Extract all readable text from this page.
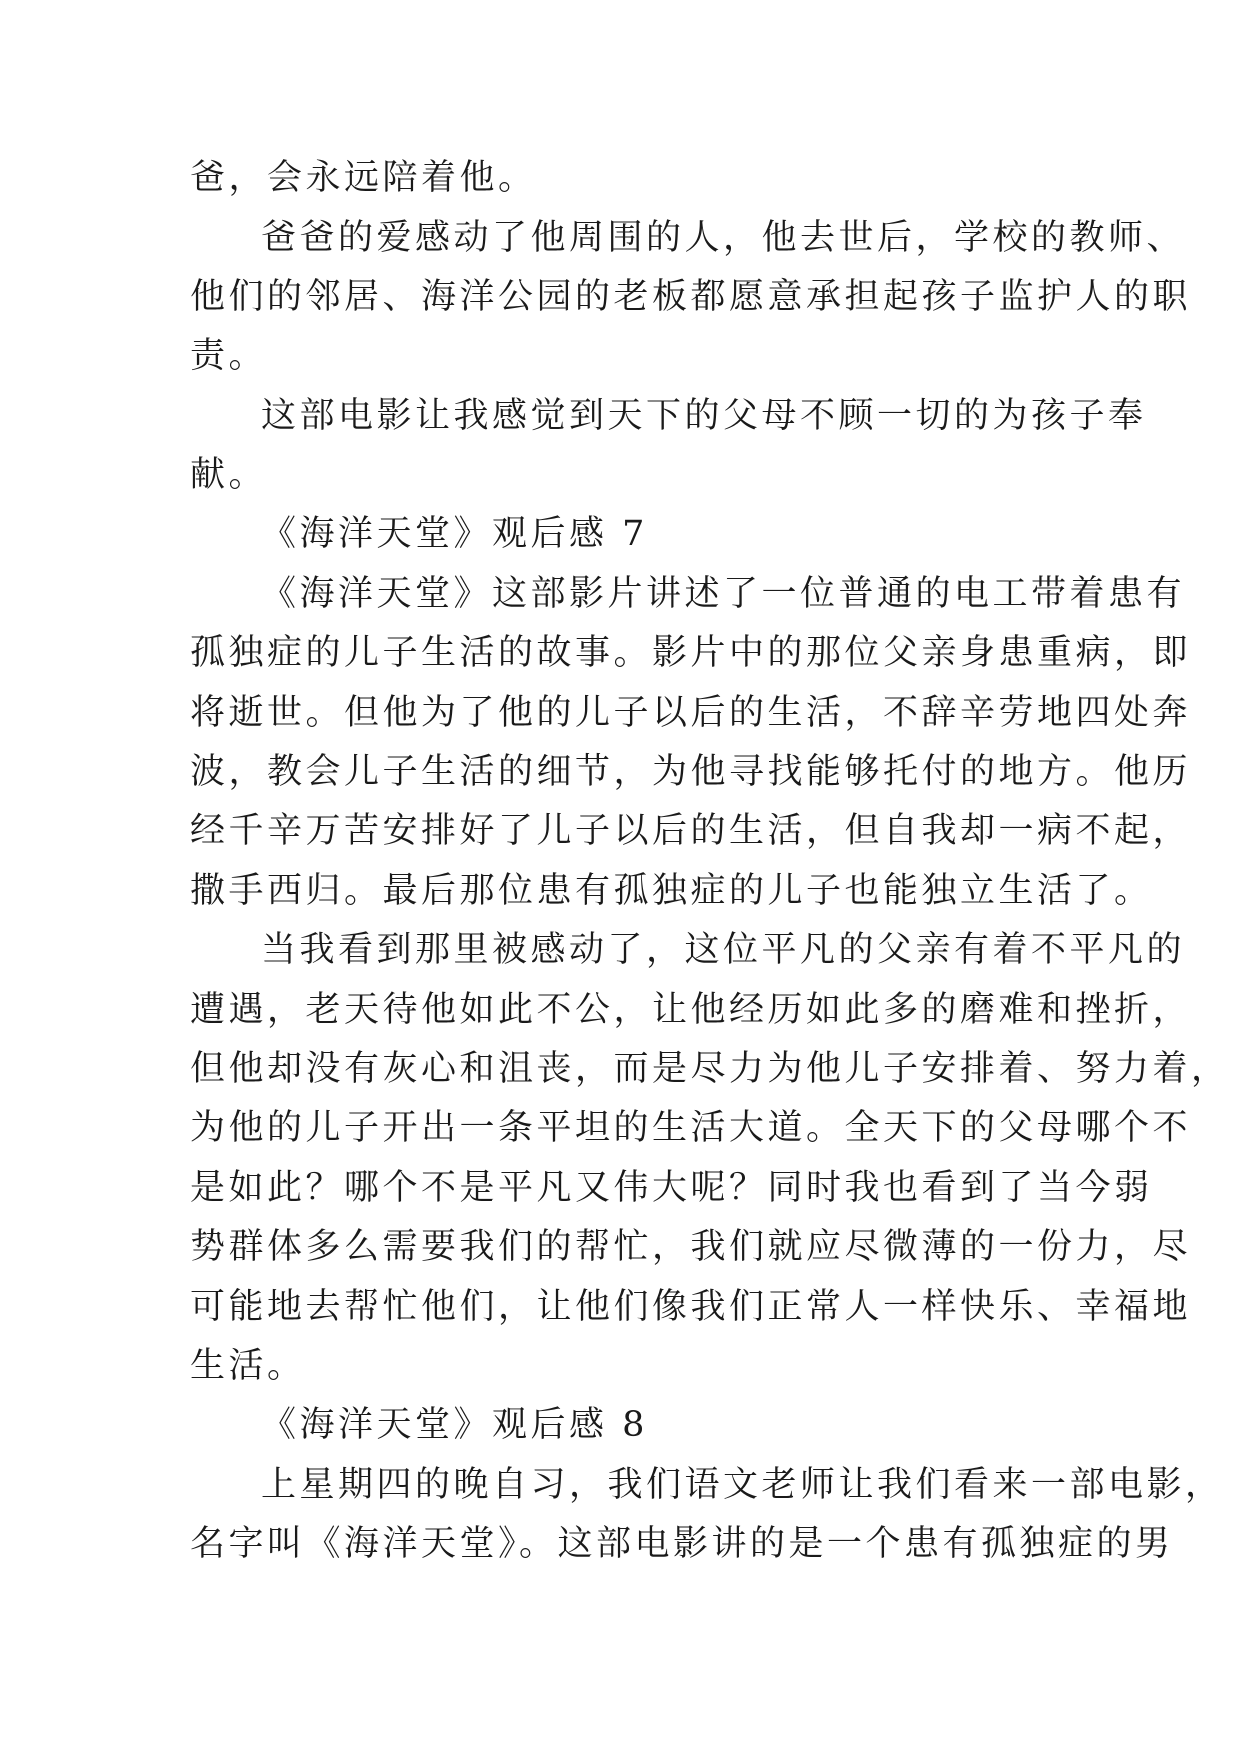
爸，会永远陪着他。
爸爸的爱感动了他周围的人，他去世后，学校的教师、
他们的邻居、海洋公园的老板都愿意承担起孩子监护人的职
责。
这部电影让我感觉到天下的父母不顾一切的为孩子奉
献。
《海洋天堂》观后感 7
《海洋天堂》这部影片讲述了一位普通的电工带着患有
孤独症的儿子生活的故事。影片中的那位父亲身患重病，即
将逝世。但他为了他的儿子以后的生活，不辞辛劳地四处奔
波，教会儿子生活的细节，为他寻找能够托付的地方。他历
经千辛万苦安排好了儿子以后的生活，但自我却一病不起，
撒手西归。最后那位患有孤独症的儿子也能独立生活了。
当我看到那里被感动了，这位平凡的父亲有着不平凡的
遭遇，老天待他如此不公，让他经历如此多的磨难和挫折，
但他却没有灰心和沮丧，而是尽力为他儿子安排着、努力着，
为他的儿子开出一条平坦的生活大道。全天下的父母哪个不
是如此？哪个不是平凡又伟大呢？同时我也看到了当今弱
势群体多么需要我们的帮忙，我们就应尽微薄的一份力，尽
可能地去帮忙他们，让他们像我们正常人一样快乐、幸福地
生活。
《海洋天堂》观后感 8
上星期四的晚自习，我们语文老师让我们看来一部电影，
名字叫《海洋天堂》。这部电影讲的是一个患有孤独症的男
